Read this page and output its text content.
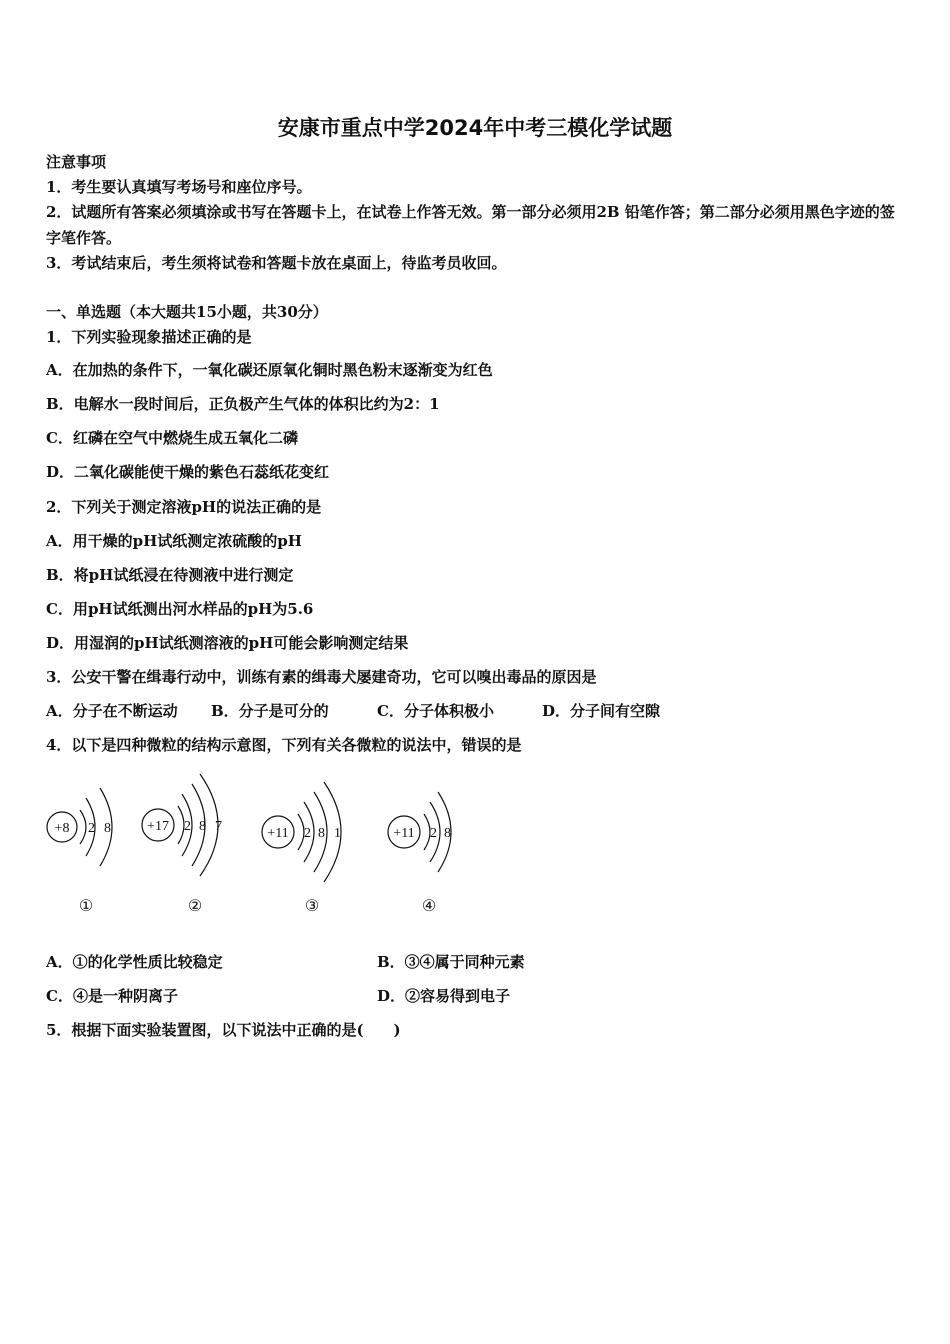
安康市重点中学2024年中考三模化学试题
注意事项
1．考生要认真填写考场号和座位序号。
2．试题所有答案必须填涂或书写在答题卡上，在试卷上作答无效。第一部分必须用2B 铅笔作答；第二部分必须用黑色字迹的签字笔作答。
3．考试结束后，考生须将试卷和答题卡放在桌面上，待监考员收回。
一、单选题（本大题共15小题，共30分）
1．下列实验现象描述正确的是
A．在加热的条件下，一氧化碳还原氧化铜时黑色粉末逐渐变为红色
B．电解水一段时间后，正负极产生气体的体积比约为2：1
C．红磷在空气中燃烧生成五氧化二磷
D．二氧化碳能使干燥的紫色石蕊纸花变红
2．下列关于测定溶液pH的说法正确的是
A．用干燥的pH试纸测定浓硫酸的pH
B．将pH试纸浸在待测液中进行测定
C．用pH试纸测出河水样品的pH为5.6
D．用湿润的pH试纸测溶液的pH可能会影响测定结果
3．公安干警在缉毒行动中，训练有素的缉毒犬屡建奇功，它可以嗅出毒品的原因是
A．分子在不断运动 B．分子是可分的	C．分子体积极小	D．分子间有空隙
4．以下是四种微粒的结构示意图，下列有关各微粒的说法中，错误的是
+8 2 8	+17 2 8 7	+11 2 8 1	+11 2 8
①	②	③	④
A．①的化学性质比较稳定	B．③④属于同种元素
C．④是一种阴离子	D．②容易得到电子
5．根据下面实验装置图，以下说法中正确的是(　　)
